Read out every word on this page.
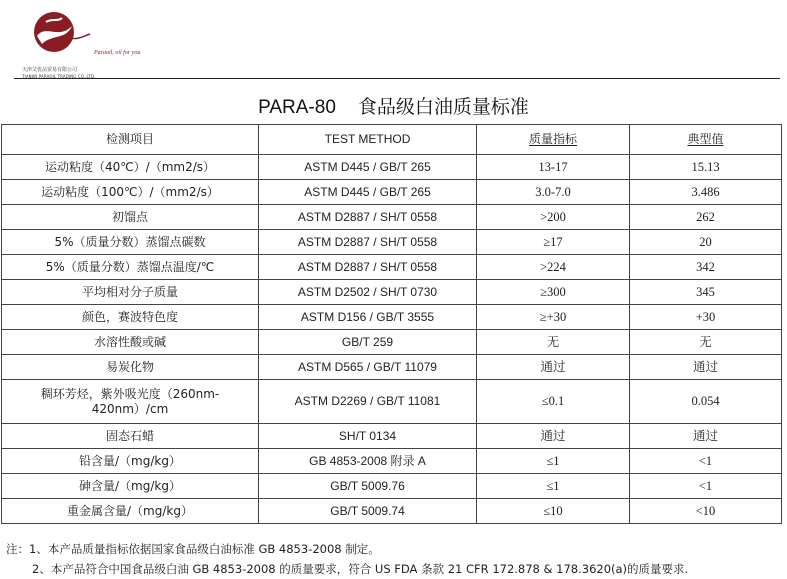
Paraoil, oil for you
天津艾优品贸易有限公司
TIANJIN PARAOIL TRADING CO.,LTD.
PARA-80 食品级白油质量标准
检测项目	TEST METHOD	质量指标	典型值
运动粘度（40℃）/（mm2/s）	ASTM D445 / GB/T 265	13-17	15.13
运动粘度（100℃）/（mm2/s）	ASTM D445 / GB/T 265	3.0-7.0	3.486
初馏点	ASTM D2887 / SH/T 0558	>200	262
5%（质量分数）蒸馏点碳数	ASTM D2887 / SH/T 0558	≥17	20
5%（质量分数）蒸馏点温度/℃	ASTM D2887 / SH/T 0558	>224	342
平均相对分子质量	ASTM D2502 / SH/T 0730	≥300	345
颜色，赛波特色度	ASTM D156 / GB/T 3555	≥+30	+30
水溶性酸或碱	GB/T 259	无	无
易炭化物	ASTM D565 / GB/T 11079	通过	通过
稠环芳烃，紫外吸光度（260nm-420nm）/cm	ASTM D2269 / GB/T 11081	≤0.1	0.054
固态石蜡	SH/T 0134	通过	通过
铅含量/（mg/kg）	GB 4853-2008 附录 A	≤1	<1
砷含量/（mg/kg）	GB/T 5009.76	≤1	<1
重金属含量/（mg/kg）	GB/T 5009.74	≤10	<10
注：1、本产品质量指标依据国家食品级白油标准 GB 4853-2008 制定。
2、本产品符合中国食品级白油 GB 4853-2008 的质量要求，符合 US FDA 条款 21 CFR 172.878 & 178.3620(a)的质量要求.
